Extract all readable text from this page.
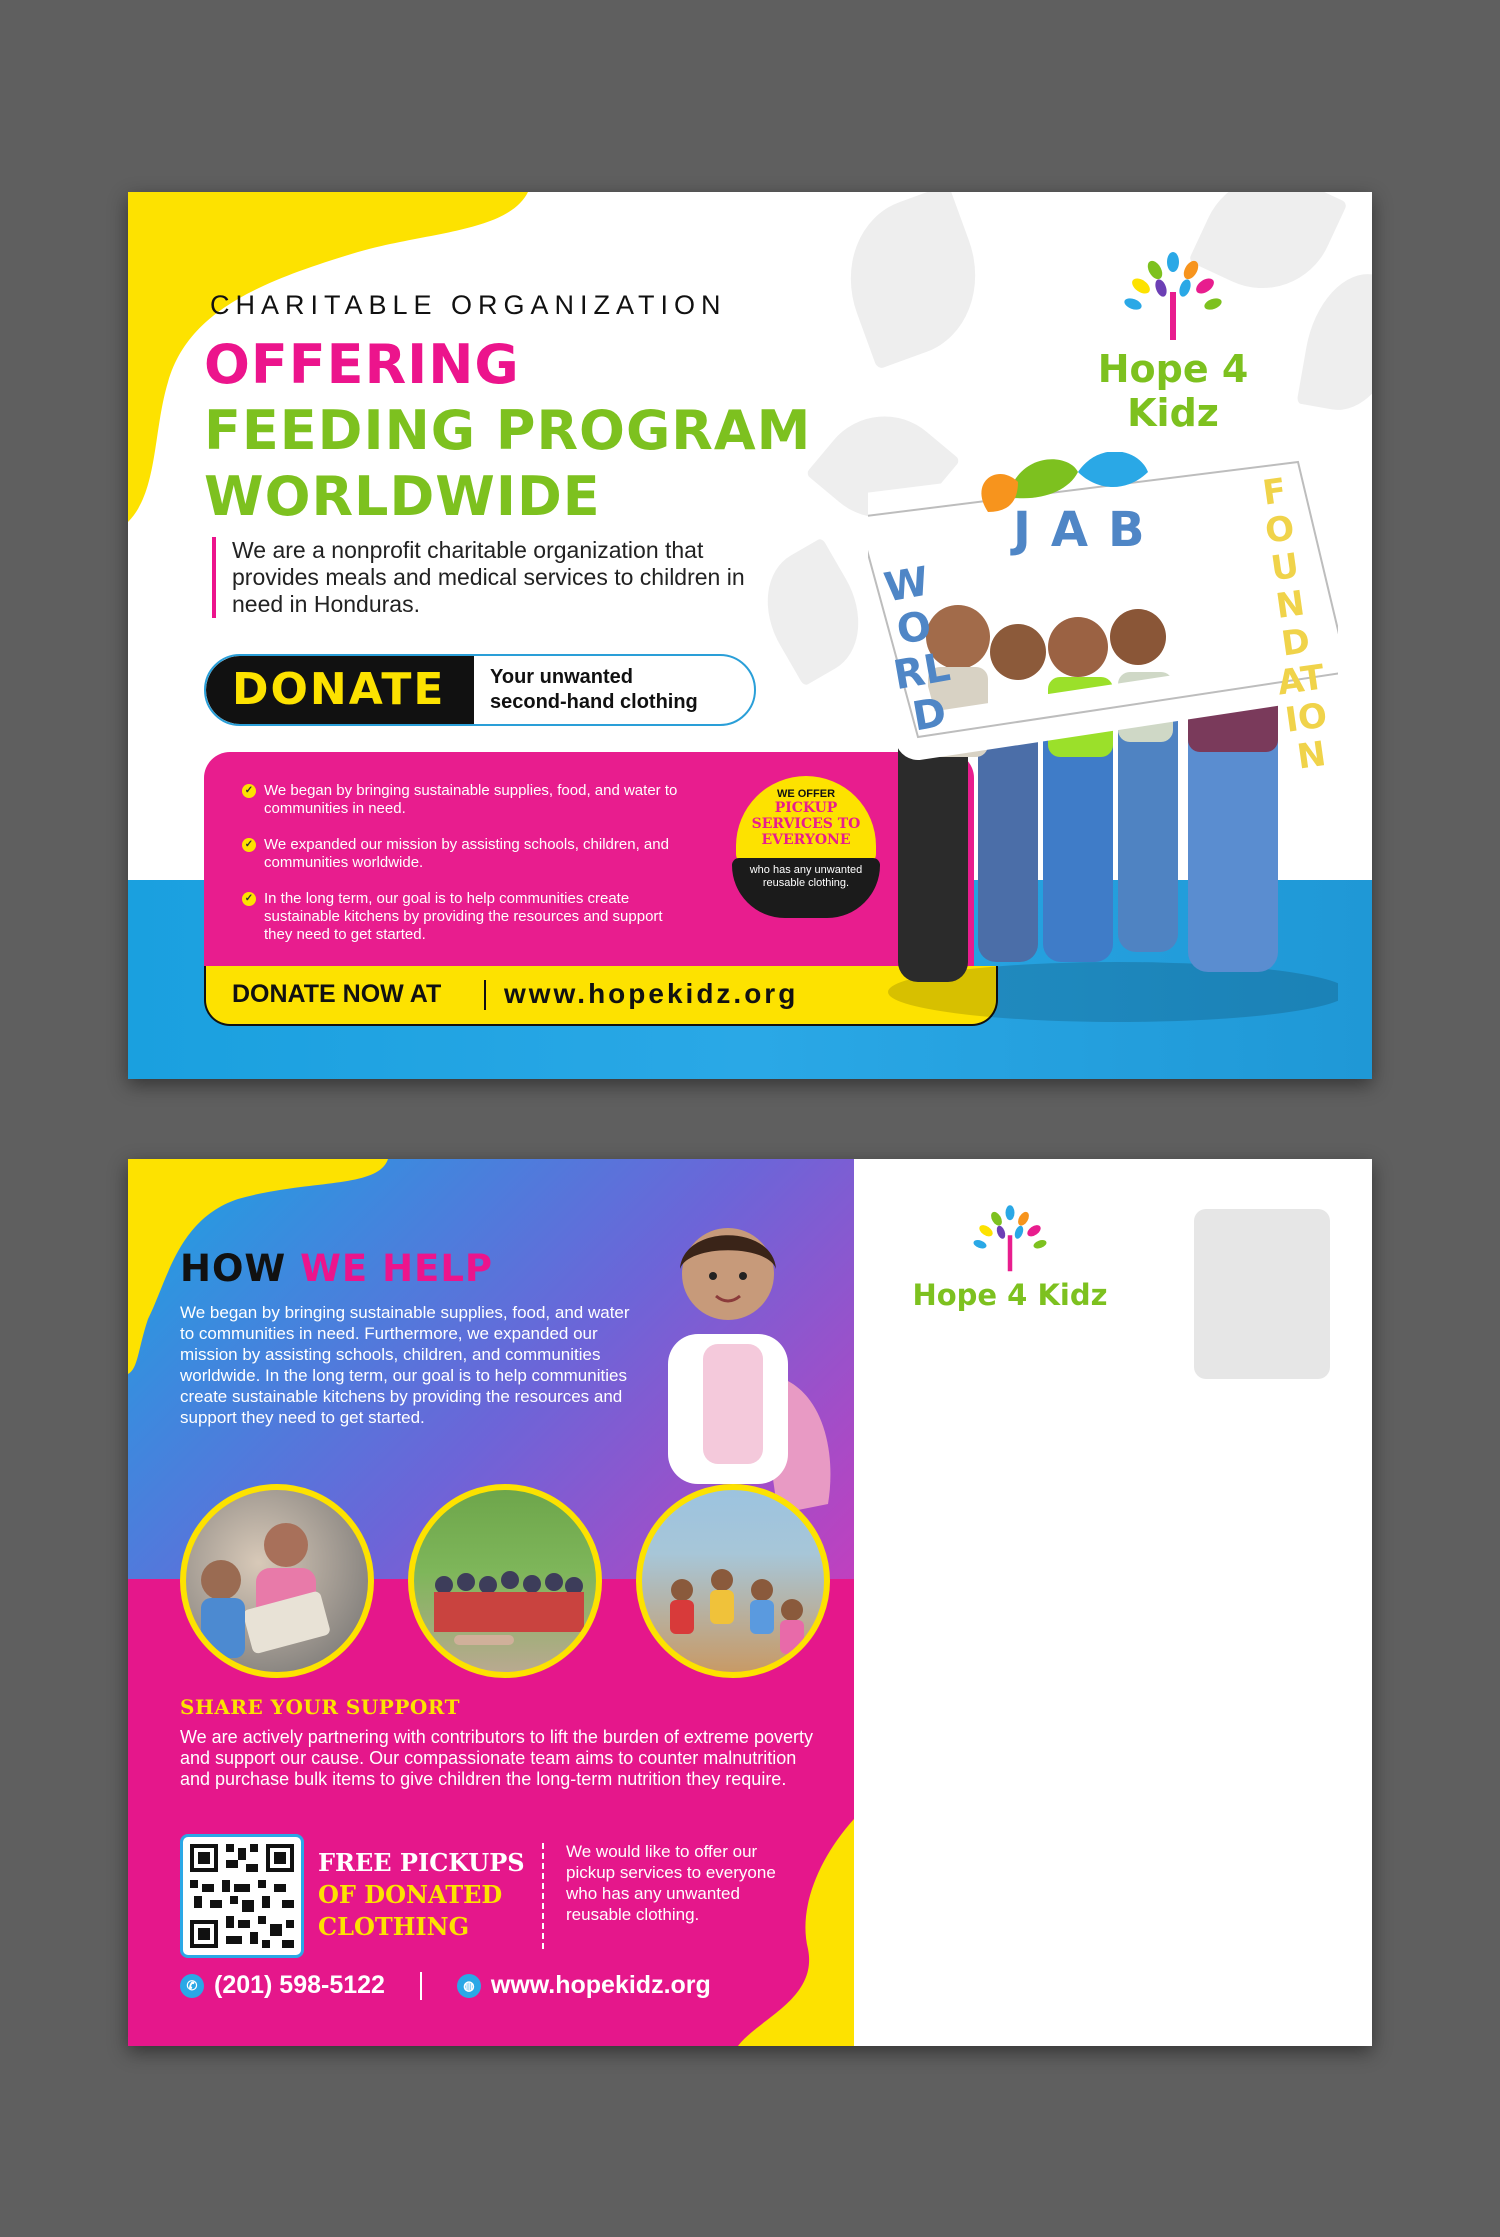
CHARITABLE ORGANIZATION
OFFERING
FEEDING PROGRAM
WORLDWIDE
We are a nonprofit charitable organization that provides meals and medical services to children in need in Honduras.
DONATE Your unwanted
second-hand clothing
✓ We began by bringing sustainable supplies, food, and water to communities in need.
✓ We expanded our mission by assisting schools, children, and communities worldwide.
✓ In the long term, our goal is to help communities create sustainable kitchens by providing the resources and support they need to get started.
WE OFFER
PICKUP SERVICES TO EVERYONE
who has any unwanted reusable clothing.
DONATE NOW AT www.hopekidz.org
Hope 4 Kidz
WORLD
JAB
FOUNDATION
HOW WE HELP
We began by bringing sustainable supplies, food, and water to communities in need. Furthermore, we expanded our mission by assisting schools, children, and communities worldwide. In the long term, our goal is to help communities create sustainable kitchens by providing the resources and support they need to get started.
SHARE YOUR SUPPORT
We are actively partnering with contributors to lift the burden of extreme poverty and support our cause. Our compassionate team aims to counter malnutrition and purchase bulk items to give children the long-term nutrition they require.
FREE PICKUPS
OF DONATED
CLOTHING
We would like to offer our pickup services to everyone who has any unwanted reusable clothing.
✆ (201) 598-5122	◍ www.hopekidz.org
Hope 4 Kidz
